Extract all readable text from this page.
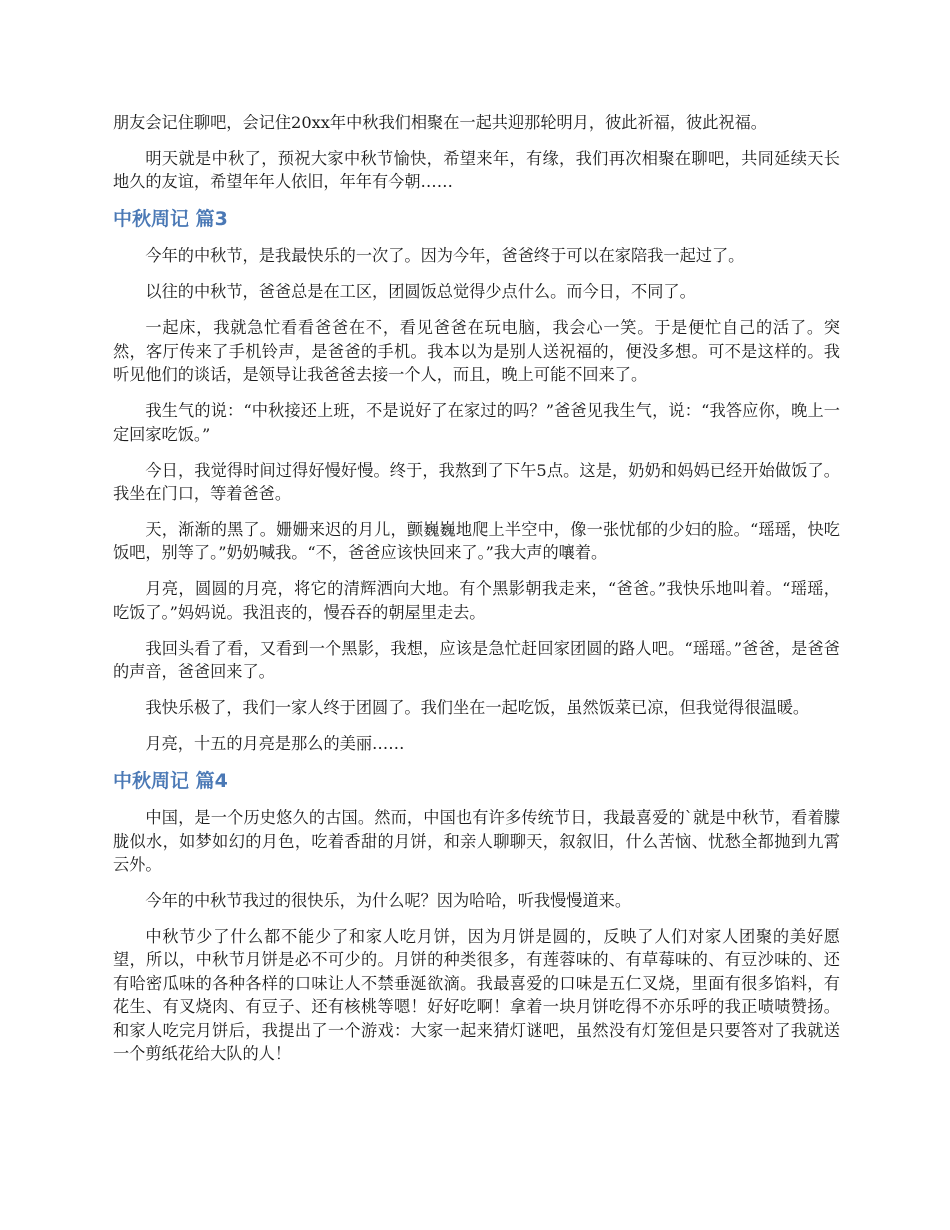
朋友会记住聊吧，会记住20xx年中秋我们相聚在一起共迎那轮明月，彼此祈福，彼此祝福。

明天就是中秋了，预祝大家中秋节愉快，希望来年，有缘，我们再次相聚在聊吧，共同延续天长地久的友谊，希望年年人依旧，年年有今朝……

中秋周记 篇3

今年的中秋节，是我最快乐的一次了。因为今年，爸爸终于可以在家陪我一起过了。

以往的中秋节，爸爸总是在工区，团圆饭总觉得少点什么。而今日，不同了。

一起床，我就急忙看看爸爸在不，看见爸爸在玩电脑，我会心一笑。于是便忙自己的活了。突然，客厅传来了手机铃声，是爸爸的手机。我本以为是别人送祝福的，便没多想。可不是这样的。我听见他们的谈话，是领导让我爸爸去接一个人，而且，晚上可能不回来了。

我生气的说：“中秋接还上班，不是说好了在家过的吗？”爸爸见我生气，说：“我答应你，晚上一定回家吃饭。”

今日，我觉得时间过得好慢好慢。终于，我熬到了下午5点。这是，奶奶和妈妈已经开始做饭了。我坐在门口，等着爸爸。

天，渐渐的黑了。姗姗来迟的月儿，颤巍巍地爬上半空中，像一张忧郁的少妇的脸。“瑶瑶，快吃饭吧，别等了。”奶奶喊我。“不，爸爸应该快回来了。”我大声的嚷着。

月亮，圆圆的月亮，将它的清辉洒向大地。有个黑影朝我走来，“爸爸。”我快乐地叫着。“瑶瑶，吃饭了。”妈妈说。我沮丧的，慢吞吞的朝屋里走去。

我回头看了看，又看到一个黑影，我想，应该是急忙赶回家团圆的路人吧。“瑶瑶。”爸爸，是爸爸的声音，爸爸回来了。

我快乐极了，我们一家人终于团圆了。我们坐在一起吃饭，虽然饭菜已凉，但我觉得很温暖。

月亮，十五的月亮是那么的美丽……

中秋周记 篇4

中国，是一个历史悠久的古国。然而，中国也有许多传统节日，我最喜爱的`就是中秋节，看着朦胧似水，如梦如幻的月色，吃着香甜的月饼，和亲人聊聊天，叙叙旧，什么苦恼、忧愁全都抛到九霄云外。

今年的中秋节我过的很快乐，为什么呢？因为哈哈，听我慢慢道来。

中秋节少了什么都不能少了和家人吃月饼，因为月饼是圆的，反映了人们对家人团聚的美好愿望，所以，中秋节月饼是必不可少的。月饼的种类很多，有莲蓉味的、有草莓味的、有豆沙味的、还有哈密瓜味的各种各样的口味让人不禁垂涎欲滴。我最喜爱的口味是五仁叉烧，里面有很多馅料，有花生、有叉烧肉、有豆子、还有核桃等嗯！好好吃啊！拿着一块月饼吃得不亦乐呼的我正啧啧赞扬。和家人吃完月饼后，我提出了一个游戏：大家一起来猜灯谜吧，虽然没有灯笼但是只要答对了我就送一个剪纸花给大队的人！
